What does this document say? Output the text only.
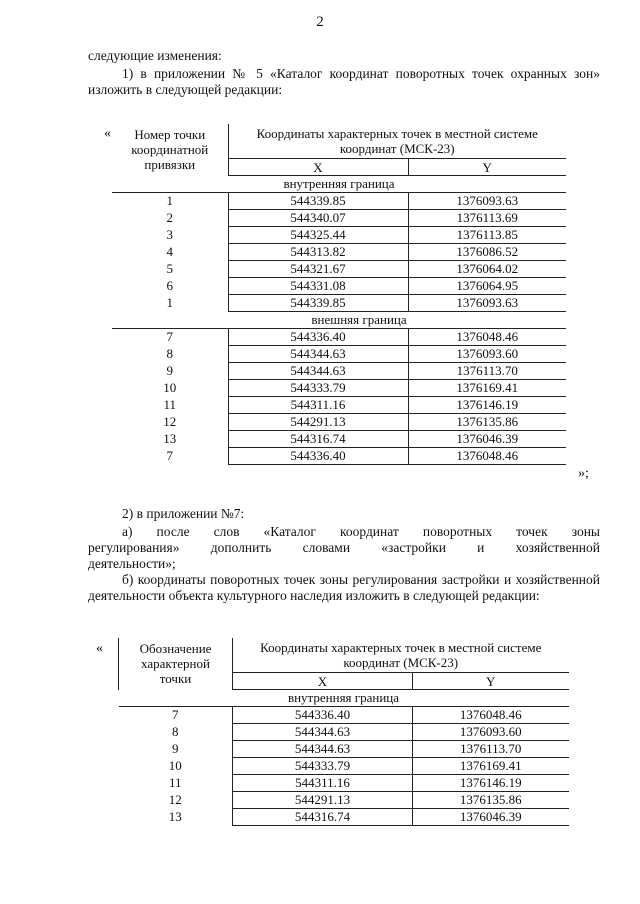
2

следующие изменения:

1) в приложении № 5 «Каталог координат поворотных точек охранных зон» изложить в следующей редакции:

« Номер точки координатной привязки	Координаты характерных точек в местной системе координат (МСК-23)	
	X	Y
внутренняя граница		
1	544339.85	1376093.63
2	544340.07	1376113.69
3	544325.44	1376113.85
4	544313.82	1376086.52
5	544321.67	1376064.02
6	544331.08	1376064.95
1	544339.85	1376093.63
внешняя граница		
7	544336.40	1376048.46
8	544344.63	1376093.60
9	544344.63	1376113.70
10	544333.79	1376169.41
11	544311.16	1376146.19
12	544291.13	1376135.86
13	544316.74	1376046.39
7	544336.40	1376048.46
»;

2) в приложении №7:

а) после слов «Каталог координат поворотных точек зоны

регулирования» дополнить словами «застройки и хозяйственной

деятельности»;

б) координаты поворотных точек зоны регулирования застройки и хозяйственной деятельности объекта культурного наследия изложить в следующей редакции:

«	Обозначение характерной точки	Координаты характерных точек в местной системе координат (МСК-23)	
	X	Y
внутренняя граница		
7	544336.40	1376048.46
8	544344.63	1376093.60
9	544344.63	1376113.70
10	544333.79	1376169.41
11	544311.16	1376146.19
12	544291.13	1376135.86
13	544316.74	1376046.39
